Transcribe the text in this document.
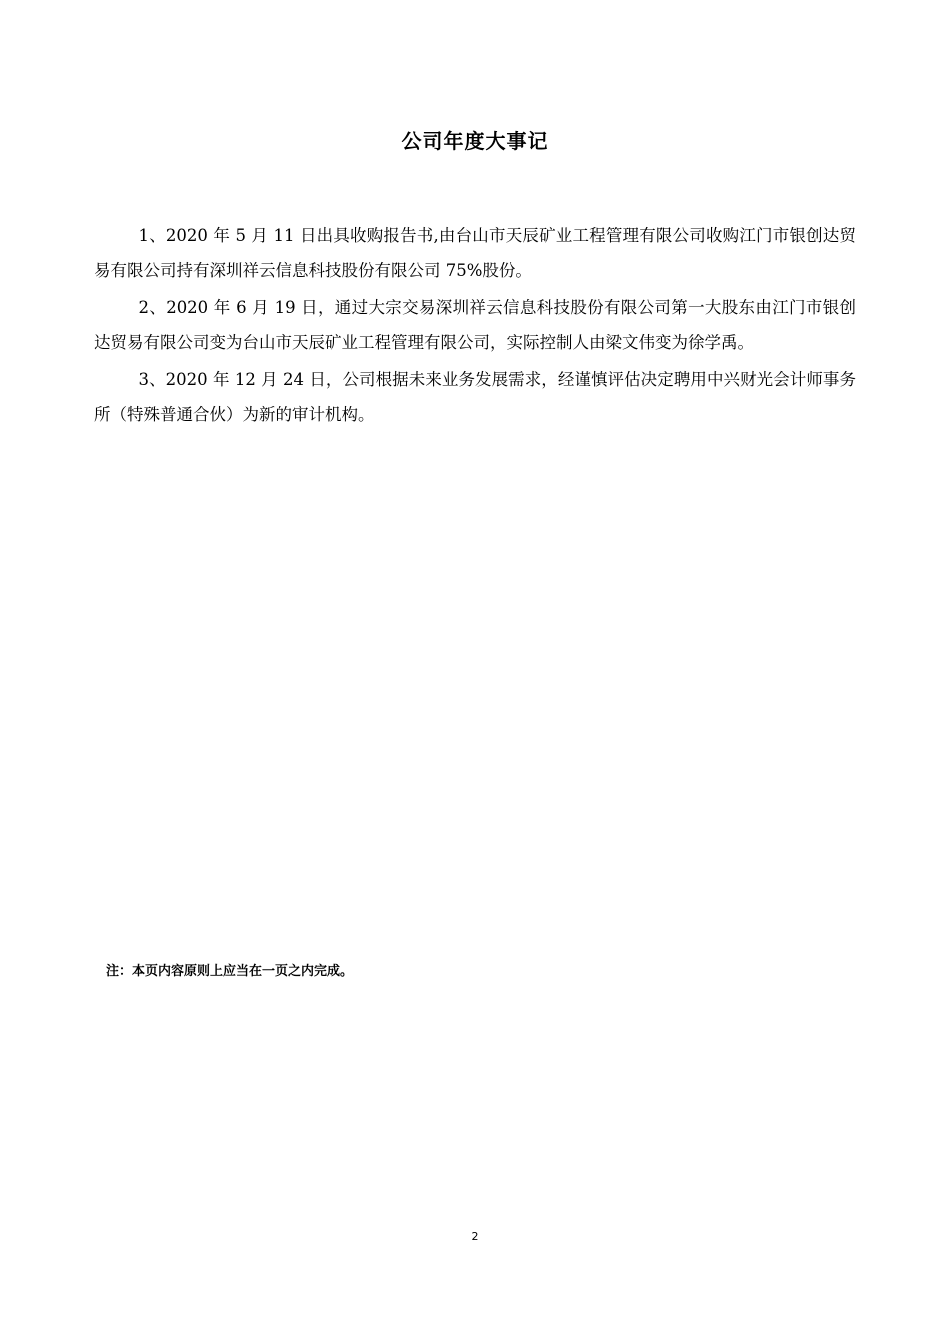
公司年度大事记

1、2020 年 5 月 11 日出具收购报告书,由台山市天辰矿业工程管理有限公司收购江门市银创达贸易有限公司持有深圳祥云信息科技股份有限公司 75%股份。

2、2020 年 6 月 19 日，通过大宗交易深圳祥云信息科技股份有限公司第一大股东由江门市银创达贸易有限公司变为台山市天辰矿业工程管理有限公司，实际控制人由梁文伟变为徐学禹。

3、2020 年 12 月 24 日，公司根据未来业务发展需求，经谨慎评估决定聘用中兴财光会计师事务所（特殊普通合伙）为新的审计机构。

注：本页内容原则上应当在一页之内完成。
2
